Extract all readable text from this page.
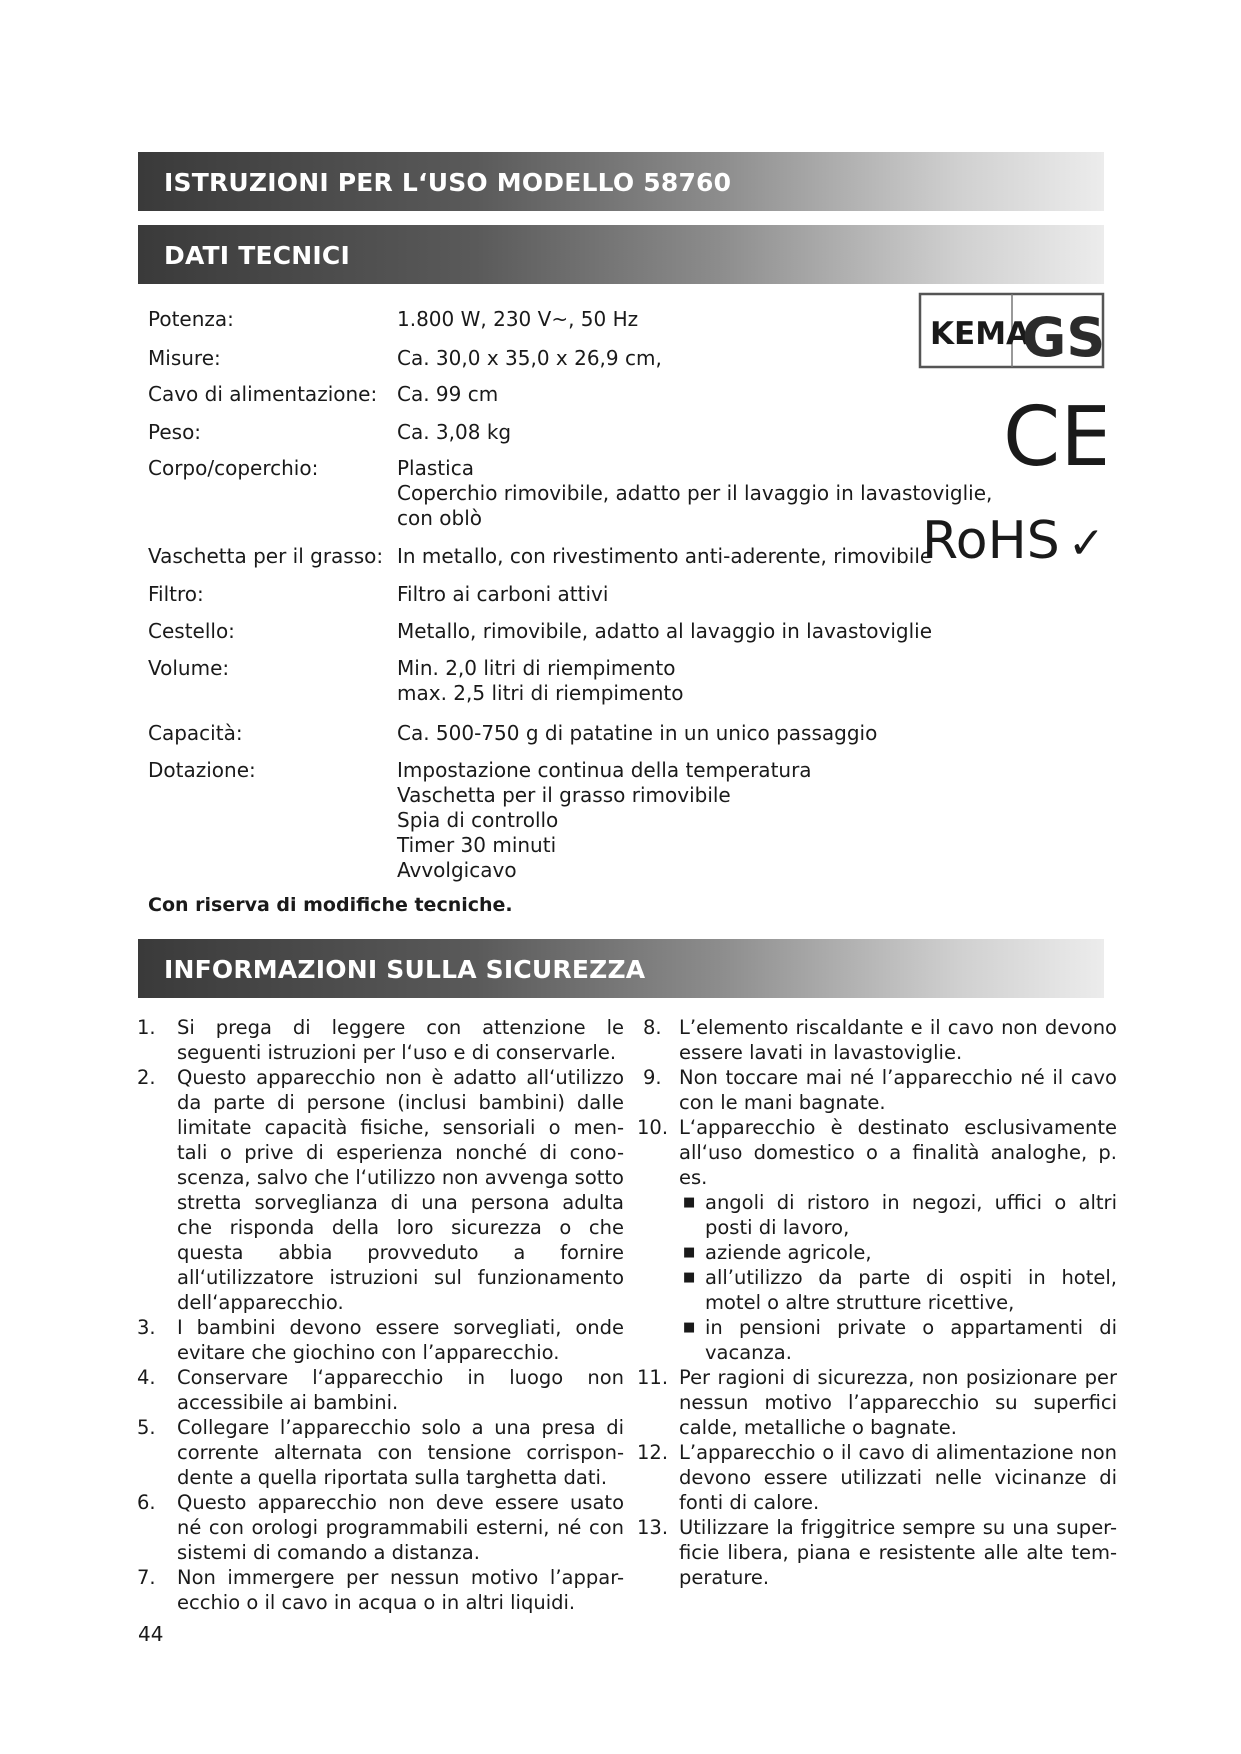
ISTRUZIONI PER L‘USO MODELLO 58760
DATI TECNICI
Potenza:	1.800 W, 230 V~, 50 Hz
Misure:	Ca. 30,0 x 35,0 x 26,9 cm,
Cavo di alimentazione: Ca. 99 cm
Peso:	Ca. 3,08 kg
Corpo/coperchio:	Plastica
Coperchio rimovibile, adatto per il lavaggio in lavastoviglie,
con oblò
Vaschetta per il grasso: In metallo, con rivestimento anti-aderente, rimovibile
Filtro:	Filtro ai carboni attivi
Cestello:	Metallo, rimovibile, adatto al lavaggio in lavastoviglie
Volume:	Min. 2,0 litri di riempimento
max. 2,5 litri di riempimento
Capacità:	Ca. 500-750 g di patatine in un unico passaggio
Dotazione:	Impostazione continua della temperatura
Vaschetta per il grasso rimovibile
Spia di controllo
Timer 30 minuti
Avvolgicavo
Con riserva di modifiche tecniche.
KEMA
GS
CE
RoHS ✓
INFORMAZIONI SULLA SICUREZZA
1. Si prega di leggere con attenzione le seguenti istruzioni per l‘uso e di conservarle.
2. Questo apparecchio non è adatto all‘utilizzo da parte di persone (inclusi bambini) dalle limitate capacità fisiche, sensoriali o men- tali o prive di esperienza nonché di cono- scenza, salvo che l‘utilizzo non avvenga sotto stretta sorveglianza di una persona adulta che risponda della loro sicurezza o che questa abbia provveduto a fornire all‘utilizzatore istruzioni sul funzionamento dell‘apparecchio.
3. I bambini devono essere sorvegliati, onde evitare che giochino con l’apparecchio.
4. Conservare l‘apparecchio in luogo non accessibile ai bambini.
5. Collegare l’apparecchio solo a una presa di corrente alternata con tensione corrispon- dente a quella riportata sulla targhetta dati.
6. Questo apparecchio non deve essere usato né con orologi programmabili esterni, né con sistemi di comando a distanza.
7. Non immergere per nessun motivo l’appar- ecchio o il cavo in acqua o in altri liquidi.
8. L’elemento riscaldante e il cavo non devono essere lavati in lavastoviglie.
9. Non toccare mai né l’apparecchio né il cavo con le mani bagnate.
10. L‘apparecchio è destinato esclusivamente all‘uso domestico o a finalità analoghe, p. es.
■ angoli di ristoro in negozi, uffici o altri posti di lavoro,
■ aziende agricole,
■ all’utilizzo da parte di ospiti in hotel, motel o altre strutture ricettive,
■ in pensioni private o appartamenti di vacanza.
11. Per ragioni di sicurezza, non posizionare per nessun motivo l’apparecchio su superfici calde, metalliche o bagnate.
12. L’apparecchio o il cavo di alimentazione non devono essere utilizzati nelle vicinanze di fonti di calore.
13. Utilizzare la friggitrice sempre su una super- ficie libera, piana e resistente alle alte tem- perature.
44
